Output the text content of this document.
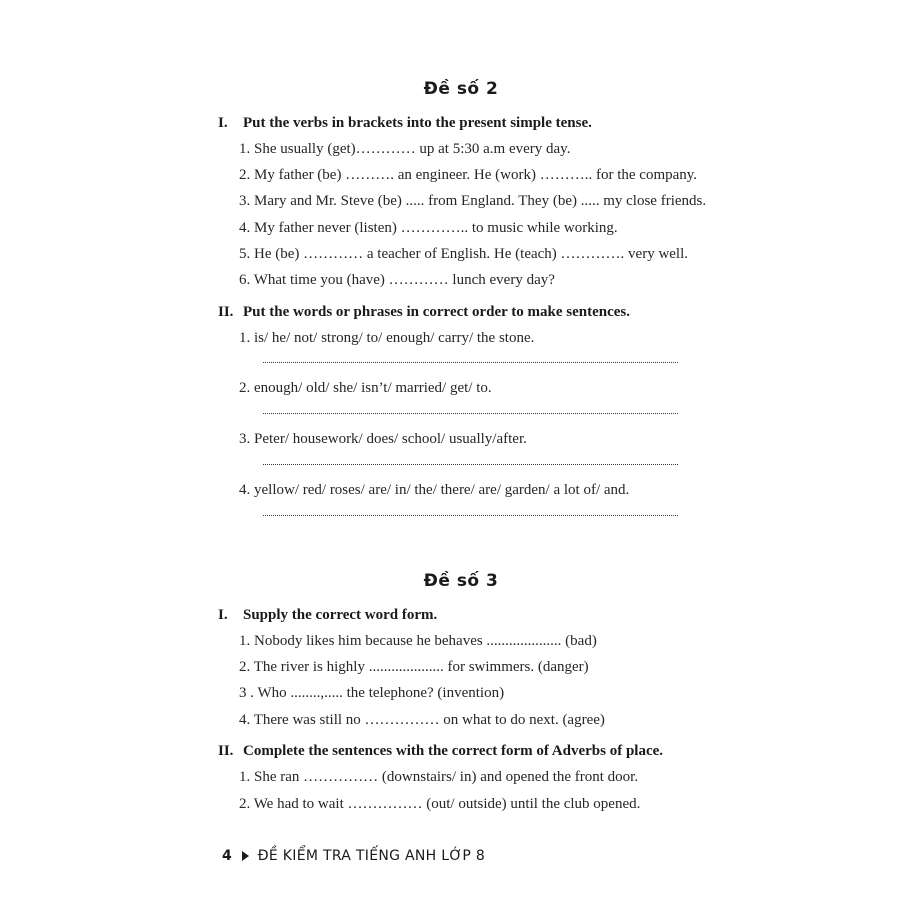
Đề số 2
I. Put the verbs in brackets into the present simple tense.
1. She usually (get)………… up at 5:30 a.m every day.
2. My father (be) ………. an engineer. He (work) ……….. for the company.
3. Mary and Mr. Steve (be) ..... from England. They (be) ..... my close friends.
4. My father never (listen) ………….. to music while working.
5. He (be) ………… a teacher of English. He (teach) …………. very well.
6. What time you (have) ………… lunch every day?
II. Put the words or phrases in correct order to make sentences.
1. is/ he/ not/ strong/ to/ enough/ carry/ the stone.
2. enough/ old/ she/ isn’t/ married/ get/ to.
3. Peter/ housework/ does/ school/ usually/after.
4. yellow/ red/ roses/ are/ in/ the/ there/ are/ garden/ a lot of/ and.
Đề số 3
I. Supply the correct word form.
1. Nobody likes him because he behaves .................... (bad)
2. The river is highly .................... for swimmers. (danger)
3 . Who ........,..... the telephone? (invention)
4. There was still no …………… on what to do next. (agree)
II. Complete the sentences with the correct form of Adverbs of place.
1. She ran …………… (downstairs/ in) and opened the front door.
2. We had to wait …………… (out/ outside) until the club opened.
4 ĐỀ KIỂM TRA TIẾNG ANH LỚP 8
